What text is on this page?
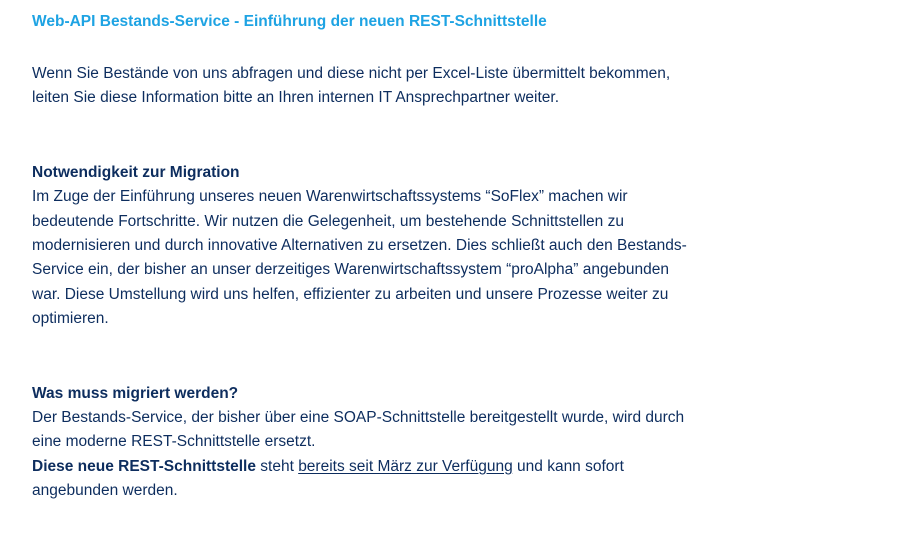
Web-API Bestands-Service - Einführung der neuen REST-Schnittstelle

Wenn Sie Bestände von uns abfragen und diese nicht per Excel-Liste übermittelt bekommen,
leiten Sie diese Information bitte an Ihren internen IT Ansprechpartner weiter.

Notwendigkeit zur Migration

Im Zuge der Einführung unseres neuen Warenwirtschaftssystems “SoFlex” machen wir
bedeutende Fortschritte. Wir nutzen die Gelegenheit, um bestehende Schnittstellen zu
modernisieren und durch innovative Alternativen zu ersetzen. Dies schließt auch den Bestands-
Service ein, der bisher an unser derzeitiges Warenwirtschaftssystem “proAlpha” angebunden
war. Diese Umstellung wird uns helfen, effizienter zu arbeiten und unsere Prozesse weiter zu
optimieren.

Was muss migriert werden?

Der Bestands-Service, der bisher über eine SOAP-Schnittstelle bereitgestellt wurde, wird durch
eine moderne REST-Schnittstelle ersetzt.
Diese neue REST-Schnittstelle steht bereits seit März zur Verfügung und kann sofort
angebunden werden.
